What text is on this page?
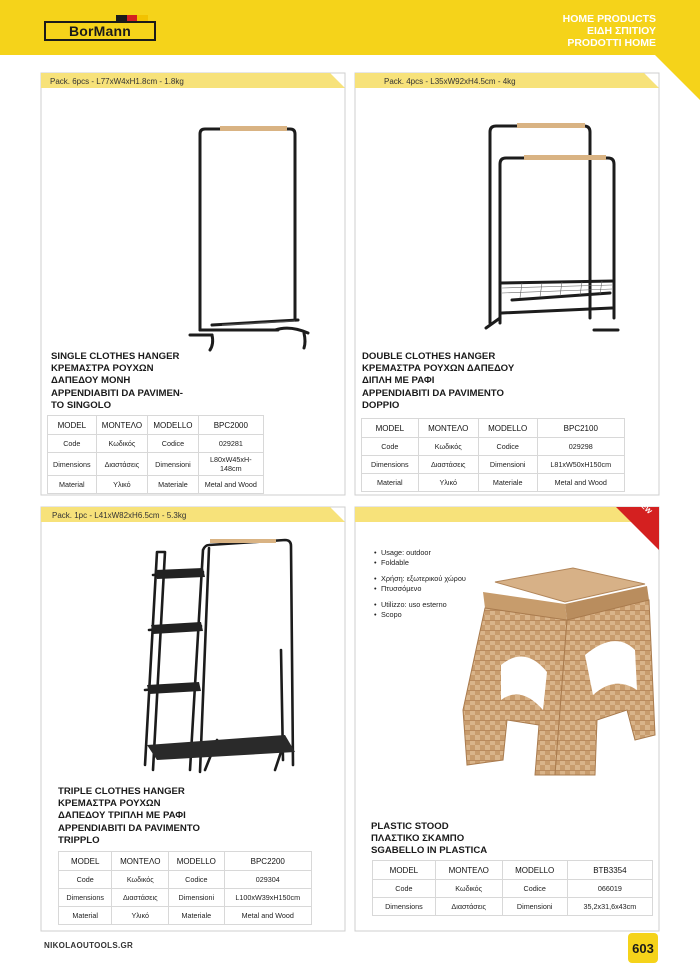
BorMann
HOME PRODUCTS
ΕΙΔΗ ΣΠΙΤΙΟΥ
PRODOTTI HOME
Pack. 6pcs - L77xW4xH1.8cm - 1.8kg
SINGLE CLOTHES HANGER
ΚΡΕΜΑΣΤΡΑ ΡΟΥΧΩΝ
ΔΑΠΕΔΟΥ ΜΟΝΗ
APPENDIABITI DA PAVIMEN-
TO SINGOLO
MODEL	ΜΟΝΤΕΛΟ	MODELLO	BPC2000
Code	Κωδικός	Codice	029281
Dimensions	Διαστάσεις	Dimensioni	L80xW45xH-
148cm
Material	Υλικό	Materiale	Metal and Wood
Pack. 4pcs - L35xW92xH4.5cm - 4kg
DOUBLE CLOTHES HANGER
ΚΡΕΜΑΣΤΡΑ ΡΟΥΧΩΝ ΔΑΠΕΔΟΥ
ΔΙΠΛΗ ΜΕ ΡΑΦΙ
APPENDIABITI DA PAVIMENTO
DOPPIO
MODEL	ΜΟΝΤΕΛΟ	MODELLO	BPC2100
Code	Κωδικός	Codice	029298
Dimensions	Διαστάσεις	Dimensioni	L81xW50xH150cm
Material	Υλικό	Materiale	Metal and Wood
Pack. 1pc - L41xW82xH6.5cm - 5.3kg
TRIPLE CLOTHES HANGER
ΚΡΕΜΑΣΤΡΑ ΡΟΥΧΩΝ
ΔΑΠΕΔΟΥ ΤΡΙΠΛΗ ΜΕ ΡΑΦΙ
APPENDIABITI DA PAVIMENTO
TRIPPLO
MODEL	ΜΟΝΤΕΛΟ	MODELLO	BPC2200
Code	Κωδικός	Codice	029304
Dimensions	Διαστάσεις	Dimensioni	L100xW39xH150cm
Material	Υλικό	Materiale	Metal and Wood
NEW
• Usage: outdoor
• Foldable
• Χρήση: εξωτερικού χώρου
• Πτυσσόμενο
• Utilizzo: uso esterno
• Scopo
PLASTIC STOOD
ΠΛΑΣΤΙΚΟ ΣΚΑΜΠΟ
SGABELLO IN PLASTICA
MODEL	ΜΟΝΤΕΛΟ	MODELLO	BTB3354
Code	Κωδικός	Codice	066019
Dimensions	Διαστάσεις	Dimensioni	35,2x31,6x43cm
NIKOLAOUTOOLS.GR	603
